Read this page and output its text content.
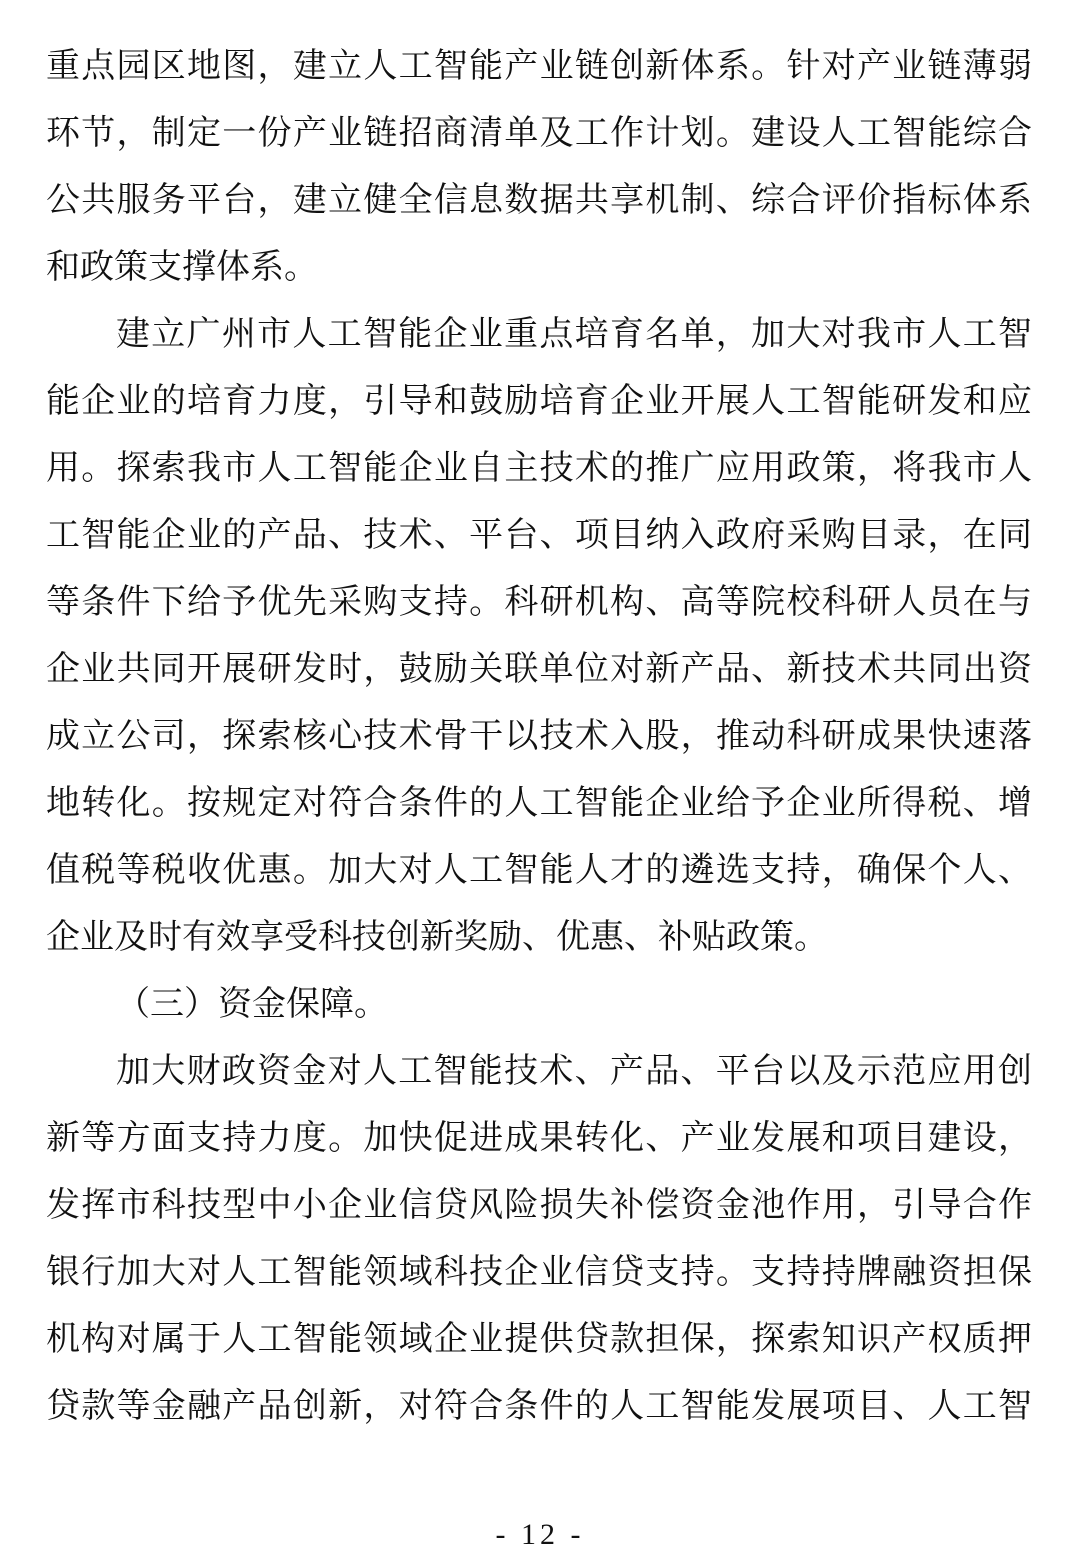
重点园区地图，建立人工智能产业链创新体系。针对产业链薄弱
环节，制定一份产业链招商清单及工作计划。建设人工智能综合
公共服务平台，建立健全信息数据共享机制、综合评价指标体系
和政策支撑体系。
建立广州市人工智能企业重点培育名单，加大对我市人工智
能企业的培育力度，引导和鼓励培育企业开展人工智能研发和应
用。探索我市人工智能企业自主技术的推广应用政策，将我市人
工智能企业的产品、技术、平台、项目纳入政府采购目录，在同
等条件下给予优先采购支持。科研机构、高等院校科研人员在与
企业共同开展研发时，鼓励关联单位对新产品、新技术共同出资
成立公司，探索核心技术骨干以技术入股，推动科研成果快速落
地转化。按规定对符合条件的人工智能企业给予企业所得税、增
值税等税收优惠。加大对人工智能人才的遴选支持，确保个人、
企业及时有效享受科技创新奖励、优惠、补贴政策。
（三）资金保障。
加大财政资金对人工智能技术、产品、平台以及示范应用创
新等方面支持力度。加快促进成果转化、产业发展和项目建设，
发挥市科技型中小企业信贷风险损失补偿资金池作用，引导合作
银行加大对人工智能领域科技企业信贷支持。支持持牌融资担保
机构对属于人工智能领域企业提供贷款担保，探索知识产权质押
贷款等金融产品创新，对符合条件的人工智能发展项目、人工智
- 12 -
